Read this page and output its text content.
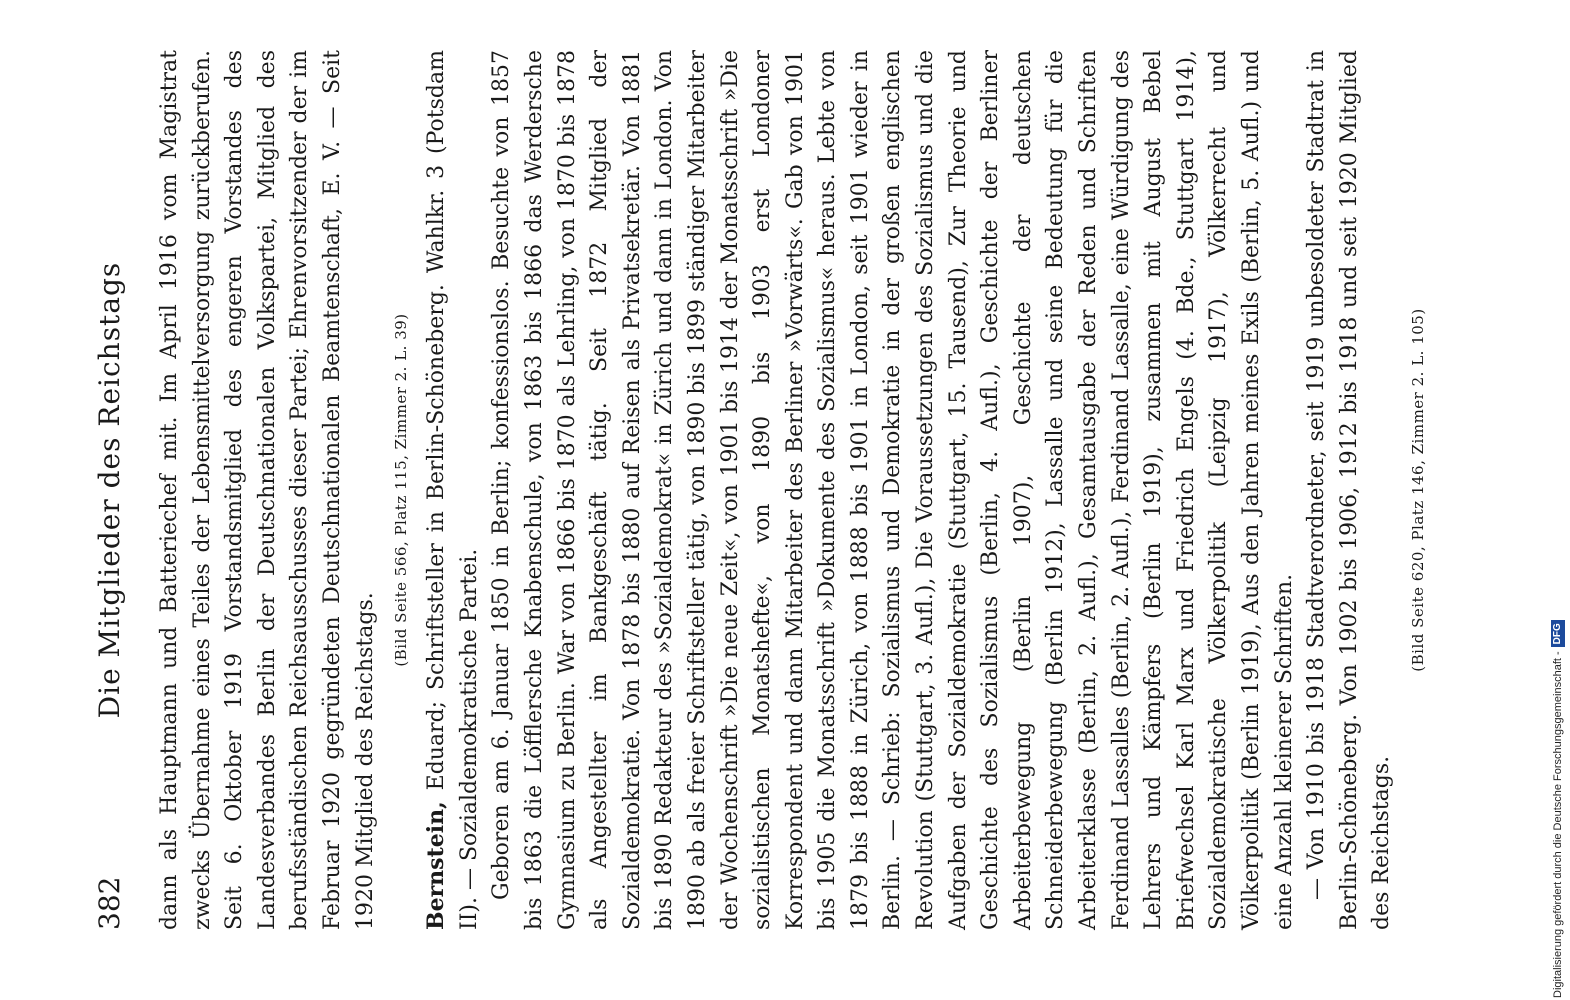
382
Die Mitglieder des Reichstags	dann als Hauptmann und Batteriechef mit. Im April 1916 vom Magistrat zwecks Übernahme eines Teiles der Lebensmittelversorgung zurückberufen. Seit 6. Oktober 1919 Vorstandsmitglied des engeren Vorstandes des Landesverbandes Berlin der Deutschnationalen Volkspartei, Mitglied des berufsständischen Reichsausschusses dieser Partei; Ehrenvorsitzender der im Februar 1920 gegründeten Deutschnationalen Beamtenschaft, E. V. — Seit 1920 Mitglied des Reichstags.

(Bild Seite 566, Platz 115, Zimmer 2. L. 39)

Bernstein, Eduard; Schriftsteller in Berlin-Schöneberg. Wahlkr. 3 (Potsdam II). — Sozialdemokratische Partei. Geboren am 6. Januar 1850 in Berlin; konfessionslos. Besuchte von 1857 bis 1863 die Löfflersche Knabenschule, von 1863 bis 1866 das Werdersche Gymnasium zu Berlin. War von 1866 bis 1870 als Lehrling, von 1870 bis 1878 als Angestellter im Bankgeschäft tätig. Seit 1872 Mitglied der Sozialdemokratie. Von 1878 bis 1880 auf Reisen als Privatsekretär. Von 1881 bis 1890 Redakteur des »Sozialdemokrat« in Zürich und dann in London. Von 1890 ab als freier Schriftsteller tätig, von 1890 bis 1899 ständiger Mitarbeiter der Wochenschrift »Die neue Zeit«, von 1901 bis 1914 der Monatsschrift »Die sozialistischen Monatshefte«, von 1890 bis 1903 erst Londoner Korrespondent und dann Mitarbeiter des Berliner »Vorwärts«. Gab von 1901 bis 1905 die Monatsschrift »Dokumente des Sozialismus« heraus. Lebte von 1879 bis 1888 in Zürich, von 1888 bis 1901 in London, seit 1901 wieder in Berlin. — Schrieb: Sozialismus und Demokratie in der großen englischen Revolution (Stuttgart, 3. Aufl.), Die Voraussetzungen des Sozialismus und die Aufgaben der Sozialdemokratie (Stuttgart, 15. Tausend), Zur Theorie und Geschichte des Sozialismus (Berlin, 4. Aufl.), Geschichte der Berliner Arbeiterbewegung (Berlin 1907), Geschichte der deutschen Schneiderbewegung (Berlin 1912), Lassalle und seine Bedeutung für die Arbeiterklasse (Berlin, 2. Aufl.), Gesamtausgabe der Reden und Schriften Ferdinand Lassalles (Berlin, 2. Aufl.), Ferdinand Lassalle, eine Würdigung des Lehrers und Kämpfers (Berlin 1919), zusammen mit August Bebel Briefwechsel Karl Marx und Friedrich Engels (4. Bde., Stuttgart 1914), Sozialdemokratische Völkerpolitik (Leipzig 1917), Völkerrecht und Völkerpolitik (Berlin 1919), Aus den Jahren meines Exils (Berlin, 5. Aufl.) und eine Anzahl kleinerer Schriften. — Von 1910 bis 1918 Stadtverordneter, seit 1919 unbesoldeter Stadtrat in Berlin-Schöneberg. Von 1902 bis 1906, 1912 bis 1918 und seit 1920 Mitglied des Reichstags.

(Bild Seite 620, Platz 146, Zimmer 2. L. 105)
Digitalisierung gefördert durch die Deutsche Forschungsgemeinschaft -
DFG
